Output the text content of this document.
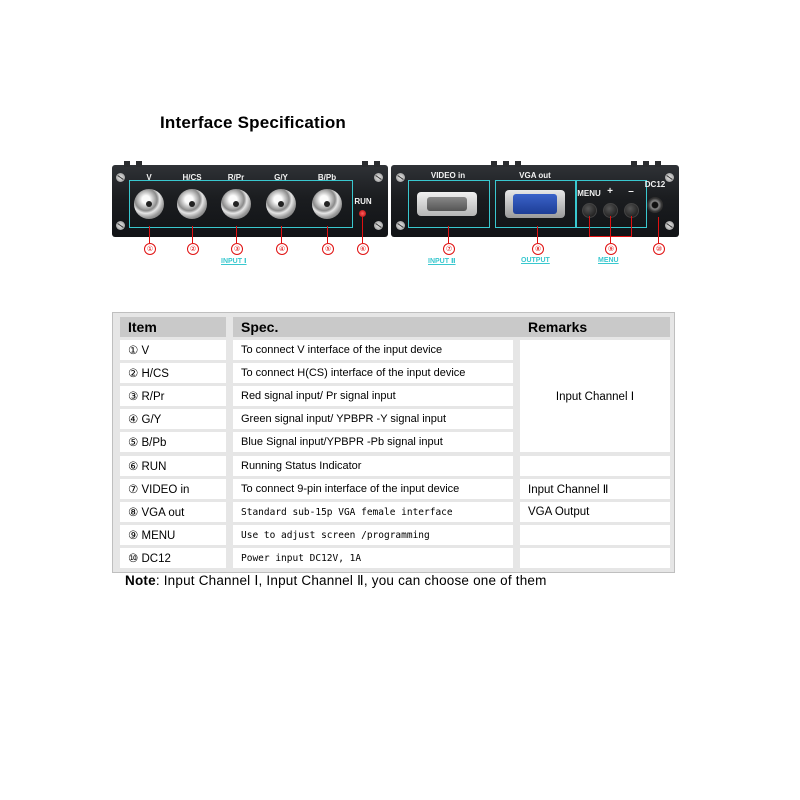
Interface Specification
V	H/CS	R/Pr	G/Y	B/Pb
RUN
VIDEO in	VGA out
MENU +	–
DC12
①	②	③	④	⑤	⑥	⑦	⑧	⑨	⑩
INPUT Ⅰ	INPUT Ⅱ	OUTPUT	MENU
Item	Spec.	Remarks
① V	To connect V interface of the input device
② H/CS	To connect H(CS) interface of the input device
③ R/Pr	Red signal input/ Pr signal input
④ G/Y	Green signal input/ YPBPR -Y signal input
⑤ B/Pb	Blue Signal input/YPBPR -Pb signal input
Input Channel Ⅰ
⑥ RUN	Running Status Indicator
⑦ VIDEO in	To connect 9-pin interface of the input device	Input Channel Ⅱ
⑧ VGA out	Standard sub-15p VGA female interface	VGA Output
⑨ MENU	Use to adjust screen /programming
⑩ DC12	Power input DC12V, 1A
Note: Input Channel Ⅰ, Input Channel Ⅱ, you can choose one of them
